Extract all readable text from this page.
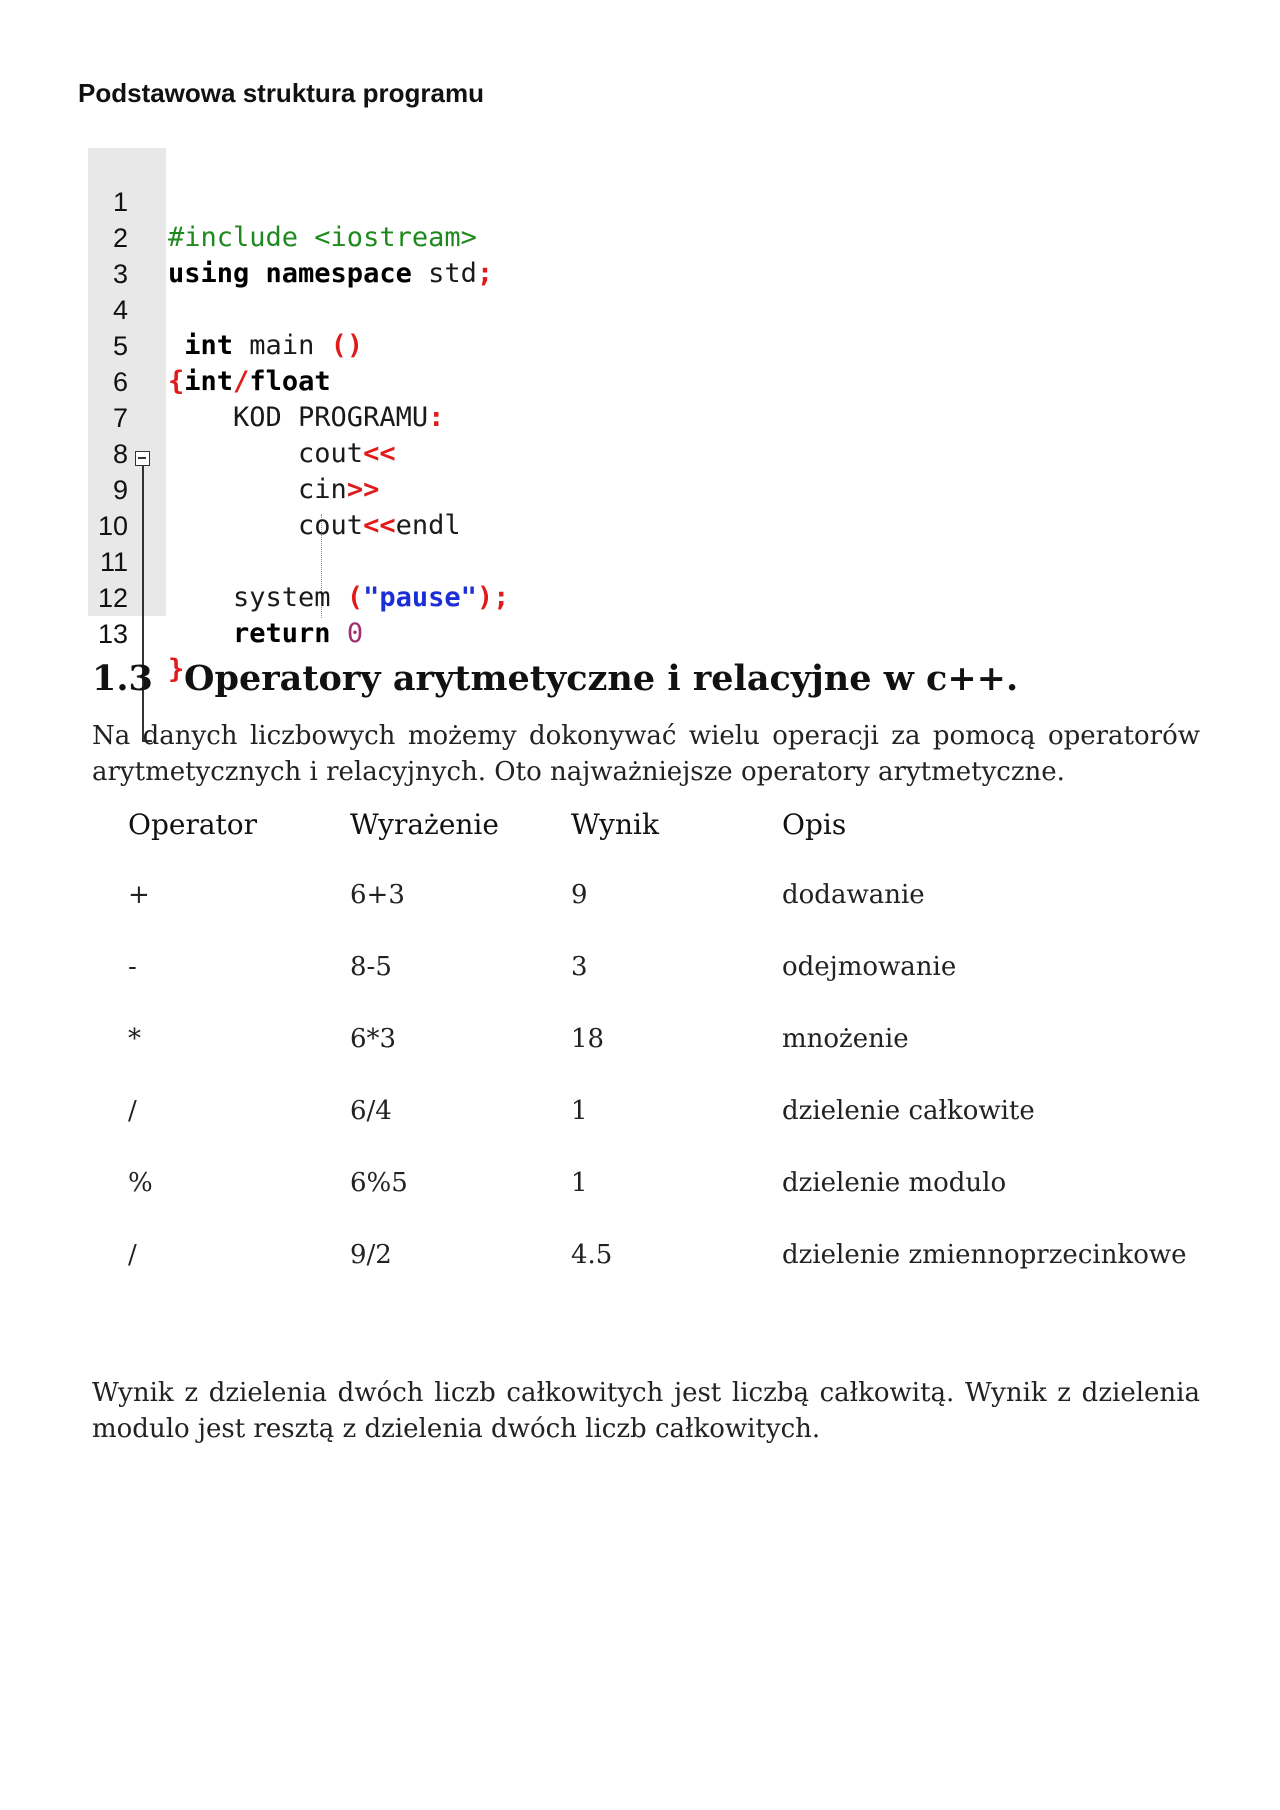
Podstawowa struktura programu

1

#include <iostream>

2

using namespace std;

3

4

int main ()

5

{int/float

6

KOD PROGRAMU:

7

cout<<

8

cin>>

9

cout<<endl

10

11

system ("pause");

12

return 0

13

}

1.3 Operatory arytmetyczne i relacyjne w c++.
Na danych liczbowych możemy dokonywać wielu operacji za pomocą operatorów arytmetycznych i relacyjnych. Oto najważniejsze operatory arytmetyczne.
Operator	Wyrażenie	Wynik	Opis
+	6+3	9	dodawanie
-	8-5	3	odejmowanie
*	6*3	18	mnożenie
/	6/4	1	dzielenie całkowite
%	6%5	1	dzielenie modulo
/	9/2	4.5	dzielenie zmiennoprzecinkowe
Wynik z dzielenia dwóch liczb całkowitych jest liczbą całkowitą. Wynik z dzielenia modulo jest resztą z dzielenia dwóch liczb całkowitych.
